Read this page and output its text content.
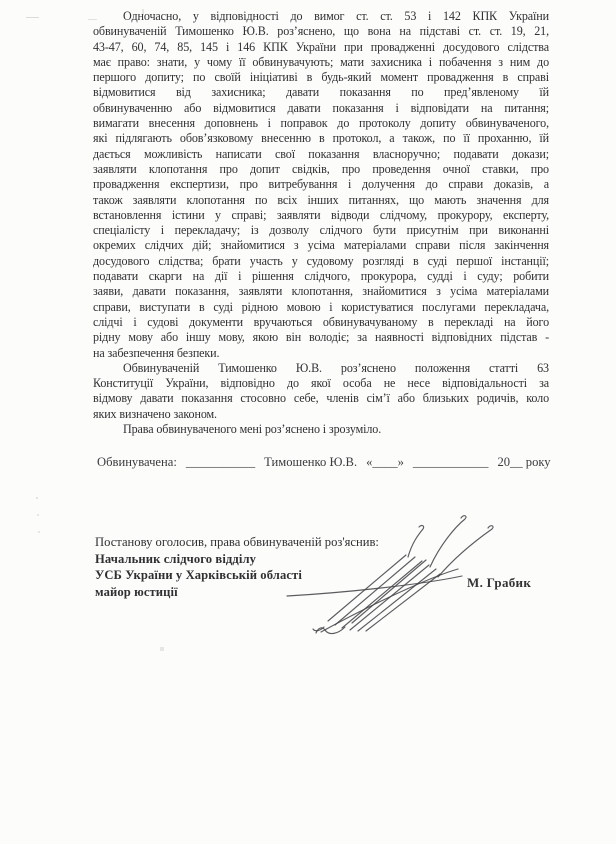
Одночасно, у відповідності до вимог ст. ст. 53 і 142 КПК України
обвинуваченій Тимошенко Ю.В. роз’яснено, що вона на підставі ст. ст. 19, 21,
43-47, 60, 74, 85, 145 і 146 КПК України при провадженні досудового слідства
має право: знати, у чому її обвинувачують; мати захисника і побачення з ним до
першого допиту; по своїй ініціативі в будь-який момент провадження в справі
відмовитися від захисника; давати показання по пред’явленому їй
обвинуваченню або відмовитися давати показання і відповідати на питання;
вимагати внесення доповнень і поправок до протоколу допиту обвинуваченого,
які підлягають обов’язковому внесенню в протокол, а також, по її проханню, їй
дається можливість написати свої показання власноручно; подавати докази;
заявляти клопотання про допит свідків, про проведення очної ставки, про
провадження експертизи, про витребування і долучення до справи доказів, а
також заявляти клопотання по всіх інших питаннях, що мають значення для
встановлення істини у справі; заявляти відводи слідчому, прокурору, експерту,
спеціалісту і перекладачу; із дозволу слідчого бути присутнім при виконанні
окремих слідчих дій; знайомитися з усіма матеріалами справи після закінчення
досудового слідства; брати участь у судовому розгляді в суді першої інстанції;
подавати скарги на дії і рішення слідчого, прокурора, судді і суду; робити
заяви, давати показання, заявляти клопотання, знайомитися з усіма матеріалами
справи, виступати в суді рідною мовою і користуватися послугами перекладача,
слідчі і судові документи вручаються обвинувачуваному в перекладі на його
рідну мову або іншу мову, якою він володіє; за наявності відповідних підстав -
на забезпечення безпеки.
Обвинуваченій Тимошенко Ю.В. роз’яснено положення статті 63
Конституції України, відповідно до якої особа не несе відповідальності за
відмову давати показання стосовно себе, членів сім’ї або близьких родичів, коло
яких визначено законом.
Права обвинуваченого мені роз’яснено і зрозуміло.
Обвинувачена: ___________ Тимошенко Ю.В. «____» ____________ 20__ року
Постанову оголосив, права обвинуваченій роз'яснив:
Начальник слідчого відділу
УСБ України у Харківській області
майор юстиції
М. Грабик
